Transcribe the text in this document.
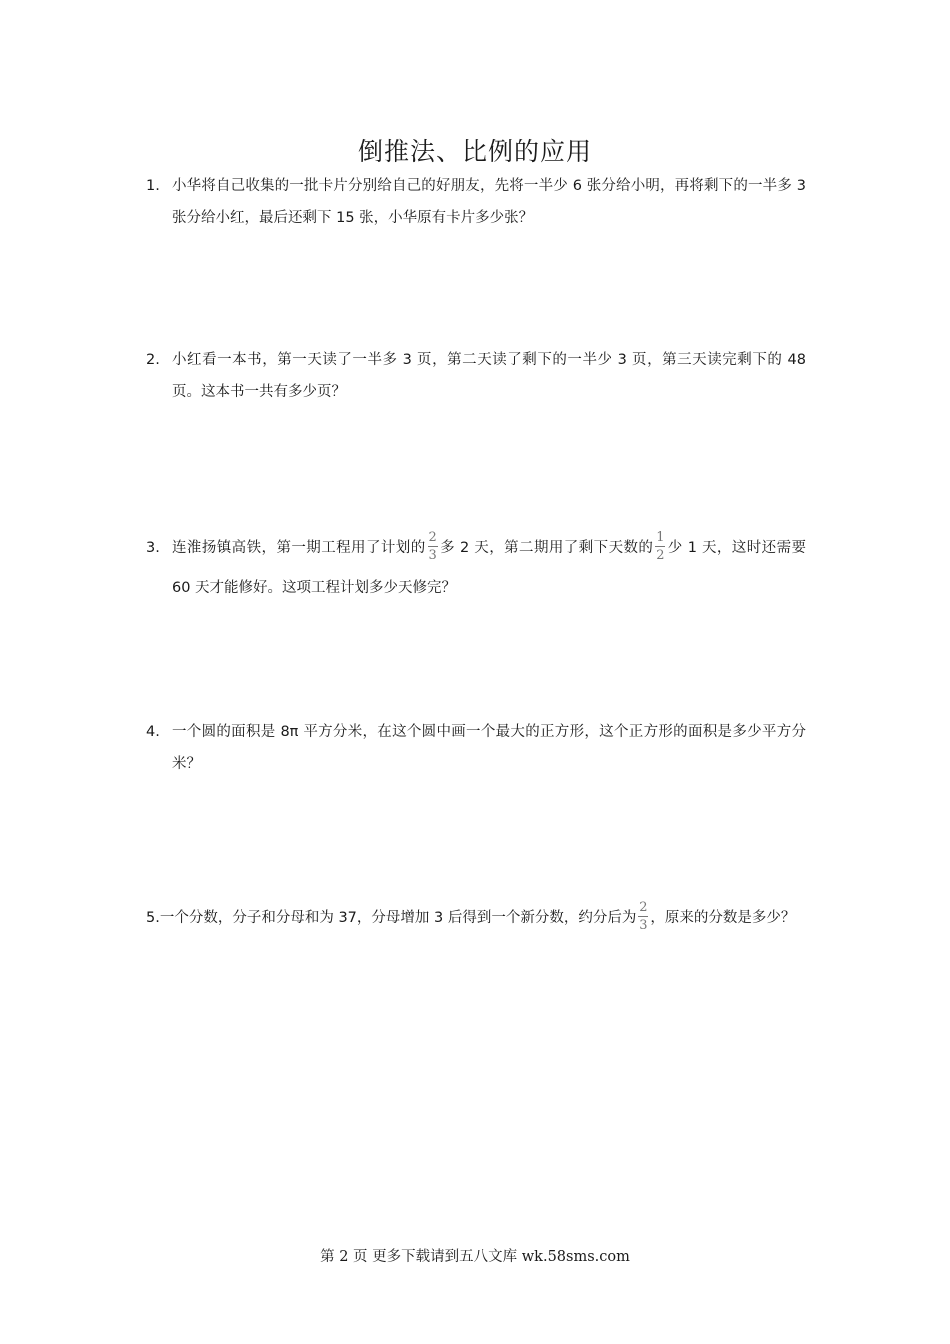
倒推法、比例的应用
1. 小华将自己收集的一批卡片分别给自己的好朋友，先将一半少 6 张分给小明，再将剩下的一半多 3 张分给小红，最后还剩下 15 张，小华原有卡片多少张？
2. 小红看一本书，第一天读了一半多 3 页，第二天读了剩下的一半少 3 页，第三天读完剩下的 48 页。这本书一共有多少页？
3. 连淮扬镇高铁，第一期工程用了计划的 $\frac{2}{3}$ 多 2 天，第二期用了剩下天数的 $\frac{1}{2}$ 少 1 天，这时还需要 60 天才能修好。这项工程计划多少天修完？
4. 一个圆的面积是 8π 平方分米，在这个圆中画一个最大的正方形，这个正方形的面积是多少平方分米？
5.一个分数，分子和分母和为 37，分母增加 3 后得到一个新分数，约分后为 $\frac{2}{3}$ ，原来的分数是多少？
第 2 页 更多下载请到五八文库 wk.58sms.com
